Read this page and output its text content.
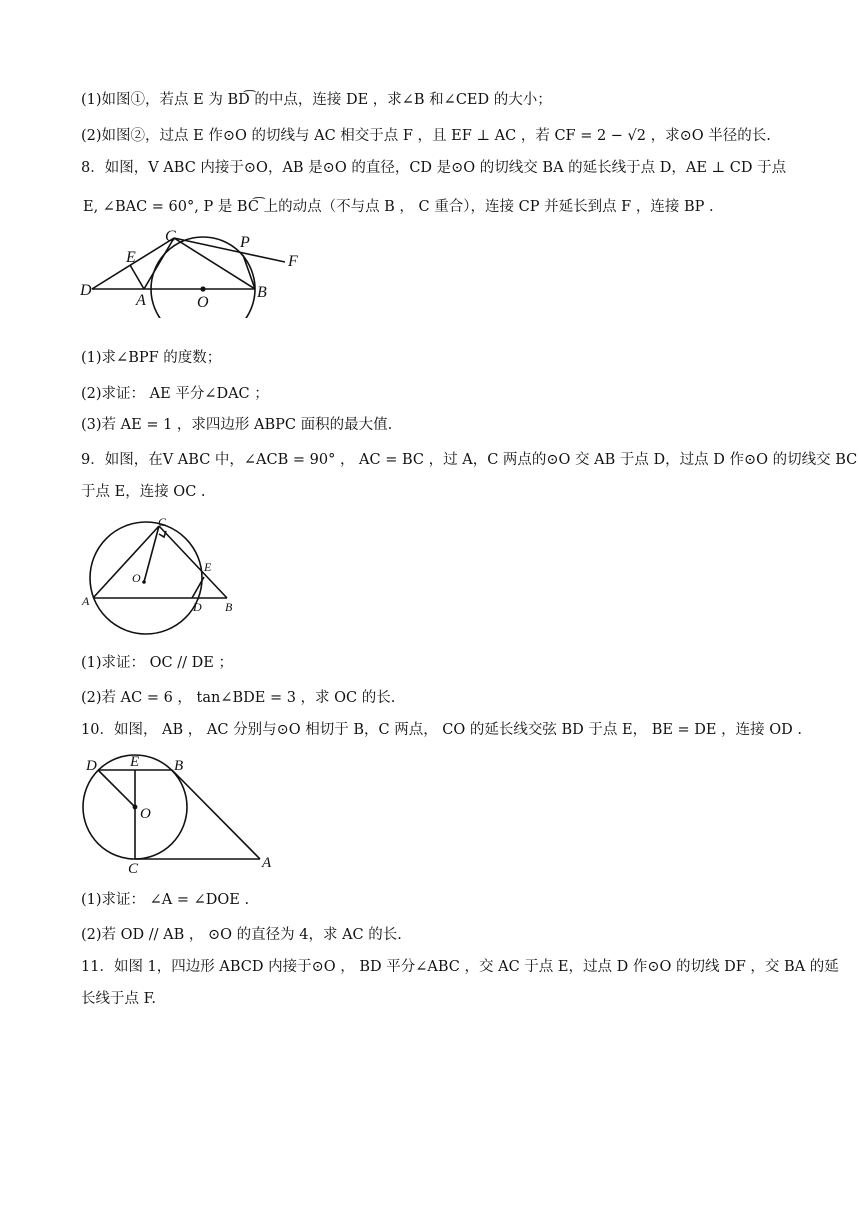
(1)如图①，若点 E 为 BD͡ 的中点，连接 DE ，求∠B 和∠CED 的大小；
(2)如图②，过点 E 作⊙O 的切线与 AC 相交于点 F ，且 EF ⊥ AC ，若 CF = 2 − √2 ，求⊙O 半径的长.
8．如图，V ABC 内接于⊙O，AB 是⊙O 的直径，CD 是⊙O 的切线交 BA 的延长线于点 D，AE ⊥ CD 于点
E, ∠BAC = 60°, P 是 BC͡ 上的动点（不与点 B ， C 重合），连接 CP 并延长到点 F ，连接 BP .
D
E
C	P
F
A	O
B
(1)求∠BPF 的度数；
(2)求证： AE 平分∠DAC ；
(3)若 AE = 1 ，求四边形 ABPC 面积的最大值.
9．如图，在V ABC 中，∠ACB = 90° ， AC = BC ，过 A，C 两点的⊙O 交 AB 于点 D，过点 D 作⊙O 的切线交 BC
于点 E，连接 OC .
C
O
E
A	D B
(1)求证： OC // DE ；
(2)若 AC = 6 ， tan∠BDE = 3 ，求 OC 的长.
10．如图， AB ， AC 分别与⊙O 相切于 B，C 两点， CO 的延长线交弦 BD 于点 E， BE = DE ，连接 OD .
D E B
O
C	A
(1)求证： ∠A = ∠DOE .
(2)若 OD // AB ， ⊙O 的直径为 4，求 AC 的长.
11．如图 1，四边形 ABCD 内接于⊙O ， BD 平分∠ABC ，交 AC 于点 E，过点 D 作⊙O 的切线 DF ，交 BA 的延
长线于点 F.
